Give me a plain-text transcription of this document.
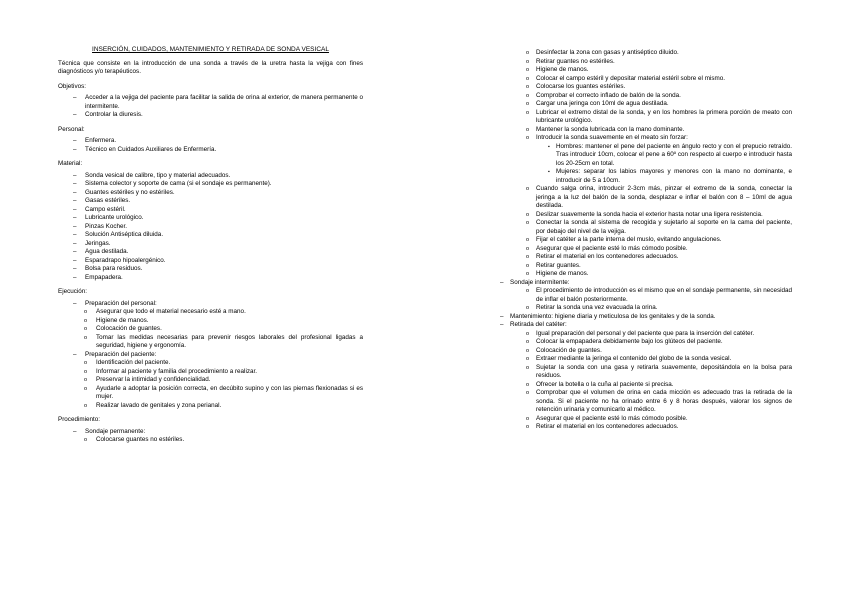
INSERCIÓN, CUIDADOS, MANTENIMIENTO Y RETIRADA DE SONDA VESICAL

Técnica que consiste en la introducción de una sonda a través de la uretra hasta la vejiga con fines diagnósticos y/o terapéuticos.

Objetivos:

– Acceder a la vejiga del paciente para facilitar la salida de orina al exterior, de manera permanente o intermitente.
– Controlar la diuresis.

Personal:

– Enfermera.
– Técnico en Cuidados Auxiliares de Enfermería.

Material:

– Sonda vesical de calibre, tipo y material adecuados.
– Sistema colector y soporte de cama (si el sondaje es permanente).
– Guantes estériles y no estériles.
– Gasas estériles.
– Campo estéril.
– Lubricante urológico.
– Pinzas Kocher.
– Solución Antiséptica diluida.
– Jeringas.
– Agua destilada.
– Esparadrapo hipoalergénico.
– Bolsa para residuos.
– Empapadera.

Ejecución:

– Preparación del personal:
o Asegurar que todo el material necesario esté a mano.
o Higiene de manos.
o Colocación de guantes.
o Tomar las medidas necesarias para prevenir riesgos laborales del profesional ligadas a seguridad, higiene y ergonomía.
– Preparación del paciente:
o Identificación del paciente.
o Informar al paciente y familia del procedimiento a realizar.
o Preservar la intimidad y confidencialidad.
o Ayudarle a adoptar la posición correcta, en decúbito supino y con las piernas flexionadas si es mujer.
o Realizar lavado de genitales y zona perianal.

Procedimiento:

– Sondaje permanente:
o Colocarse guantes no estériles.
o Desinfectar la zona con gasas y antiséptico diluido.
o Retirar guantes no estériles.
o Higiene de manos.
o Colocar el campo estéril y depositar material estéril sobre el mismo.
o Colocarse los guantes estériles.
o Comprobar el correcto inflado de balón de la sonda.
o Cargar una jeringa con 10ml de agua destilada.
o Lubricar el extremo distal de la sonda, y en los hombres la primera porción de meato con lubricante urológico.
o Mantener la sonda lubricada con la mano dominante.
o Introducir la sonda suavemente en el meato sin forzar:
▪ Hombres: mantener el pene del paciente en ángulo recto y con el prepucio retraído. Tras introducir 10cm, colocar el pene a 60º con respecto al cuerpo e introducir hasta los 20-25cm en total.
▪ Mujeres: separar los labios mayores y menores con la mano no dominante, e introducir de 5 a 10cm.
o Cuando salga orina, introducir 2-3cm más, pinzar el extremo de la sonda, conectar la jeringa a la luz del balón de la sonda, desplazar e inflar el balón con 8 – 10ml de agua destilada.
o Deslizar suavemente la sonda hacia el exterior hasta notar una ligera resistencia.
o Conectar la sonda al sistema de recogida y sujetarlo al soporte en la cama del paciente, por debajo del nivel de la vejiga.
o Fijar el catéter a la parte interna del muslo, evitando angulaciones.
o Asegurar que el paciente esté lo más cómodo posible.
o Retirar el material en los contenedores adecuados.
o Retirar guantes.
o Higiene de manos.
– Sondaje intermitente:
o El procedimiento de introducción es el mismo que en el sondaje permanente, sin necesidad de inflar el balón posteriormente.
o Retirar la sonda una vez evacuada la orina.
– Mantenimiento: higiene diaria y meticulosa de los genitales y de la sonda.
– Retirada del catéter:
o Igual preparación del personal y del paciente que para la inserción del catéter.
o Colocar la empapadera debidamente bajo los glúteos del paciente.
o Colocación de guantes.
o Extraer mediante la jeringa el contenido del globo de la sonda vesical.
o Sujetar la sonda con una gasa y retirarla suavemente, depositándola en la bolsa para residuos.
o Ofrecer la botella o la cuña al paciente si precisa.
o Comprobar que el volumen de orina en cada micción es adecuado tras la retirada de la sonda. Si el paciente no ha orinado entre 6 y 8 horas después, valorar los signos de retención urinaria y comunicarlo al médico.
o Asegurar que el paciente esté lo más cómodo posible.
o Retirar el material en los contenedores adecuados.
